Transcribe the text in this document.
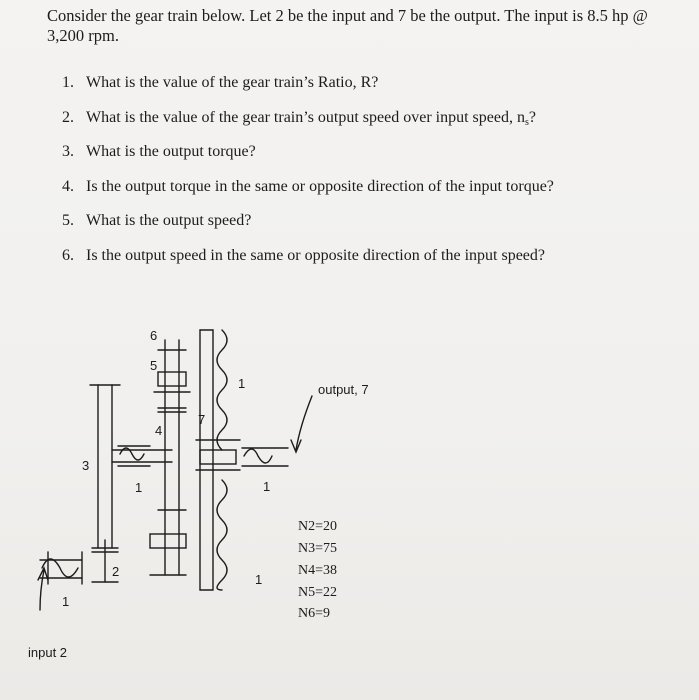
Consider the gear train below. Let 2 be the input and 7 be the output. The input is 8.5 hp @ 3,200 rpm.
1. What is the value of the gear train’s Ratio, R?
2. What is the value of the gear train’s output speed over input speed, $n_s$?
3. What is the output torque?
4. Is the output torque in the same or opposite direction of the input torque?
5. What is the output speed?
6. Is the output speed in the same or opposite direction of the input speed?

6
5
4
3
2
7
1
1	1
1
1
output, 7
input 2
N2=20
N3=75
N4=38
N5=22
N6=9
